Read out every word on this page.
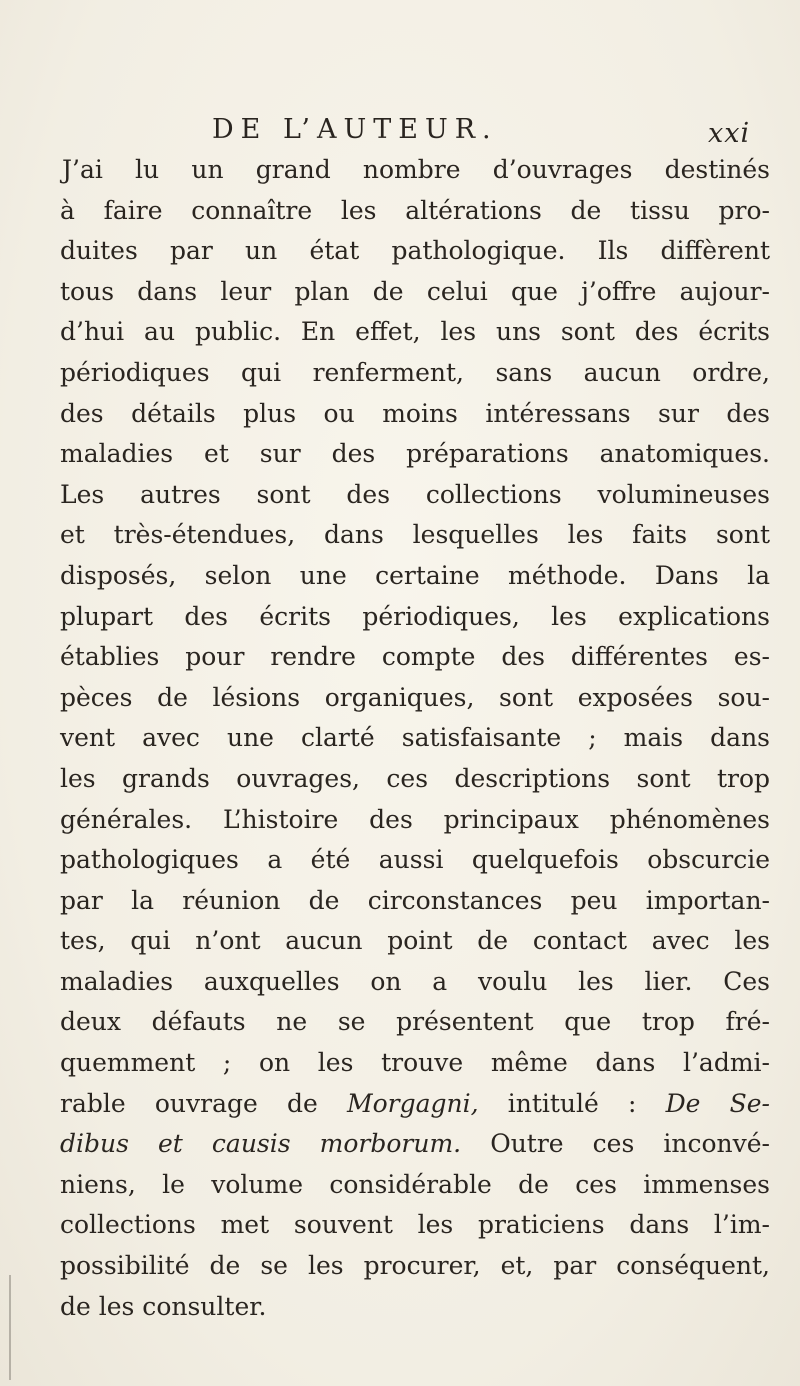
DE L’AUTEUR.	xxi
J’ai lu un grand nombre d’ouvrages destinés
à faire connaître les altérations de tissu pro-
duites par un état pathologique. Ils diffèrent
tous dans leur plan de celui que j’offre aujour-
d’hui au public. En effet, les uns sont des écrits
périodiques qui renferment, sans aucun ordre,
des détails plus ou moins intéressans sur des
maladies et sur des préparations anatomiques.
Les autres sont des collections volumineuses
et très-étendues, dans lesquelles les faits sont
disposés, selon une certaine méthode. Dans la
plupart des écrits périodiques, les explications
établies pour rendre compte des différentes es-
pèces de lésions organiques, sont exposées sou-
vent avec une clarté satisfaisante ; mais dans
les grands ouvrages, ces descriptions sont trop
générales. L’histoire des principaux phénomènes
pathologiques a été aussi quelquefois obscurcie
par la réunion de circonstances peu importan-
tes, qui n’ont aucun point de contact avec les
maladies auxquelles on a voulu les lier. Ces
deux défauts ne se présentent que trop fré-
quemment ; on les trouve même dans l’admi-
rable ouvrage de Morgagni, intitulé : De Se-
dibus et causis morborum. Outre ces inconvé-
niens, le volume considérable de ces immenses
collections met souvent les praticiens dans l’im-
possibilité de se les procurer, et, par conséquent,
de les consulter.
